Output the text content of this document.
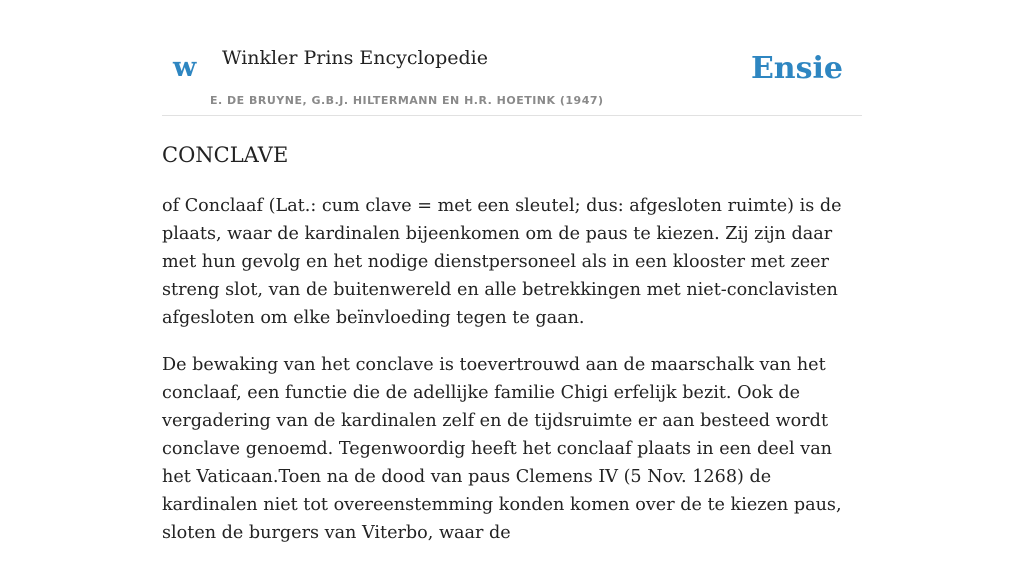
w Winkler Prins Encyclopedie
E. DE BRUYNE, G.B.J. HILTERMANN EN H.R. HOETINK (1947)
Ensie
CONCLAVE

of Conclaaf (Lat.: cum clave = met een sleutel; dus: afgesloten ruimte) is de plaats, waar de kardinalen bijeenkomen om de paus te kiezen. Zij zijn daar met hun gevolg en het nodige dienstpersoneel als in een klooster met zeer streng slot, van de buitenwereld en alle betrekkingen met niet-conclavisten afgesloten om elke beïnvloeding tegen te gaan.

De bewaking van het conclave is toevertrouwd aan de maarschalk van het conclaaf, een functie die de adellijke familie Chigi erfelijk bezit. Ook de vergadering van de kardinalen zelf en de tijdsruimte er aan besteed wordt conclave genoemd. Tegenwoordig heeft het conclaaf plaats in een deel van het Vaticaan.Toen na de dood van paus Clemens IV (5 Nov. 1268) de kardinalen niet tot overeenstemming konden komen over de te kiezen paus, sloten de burgers van Viterbo, waar de
